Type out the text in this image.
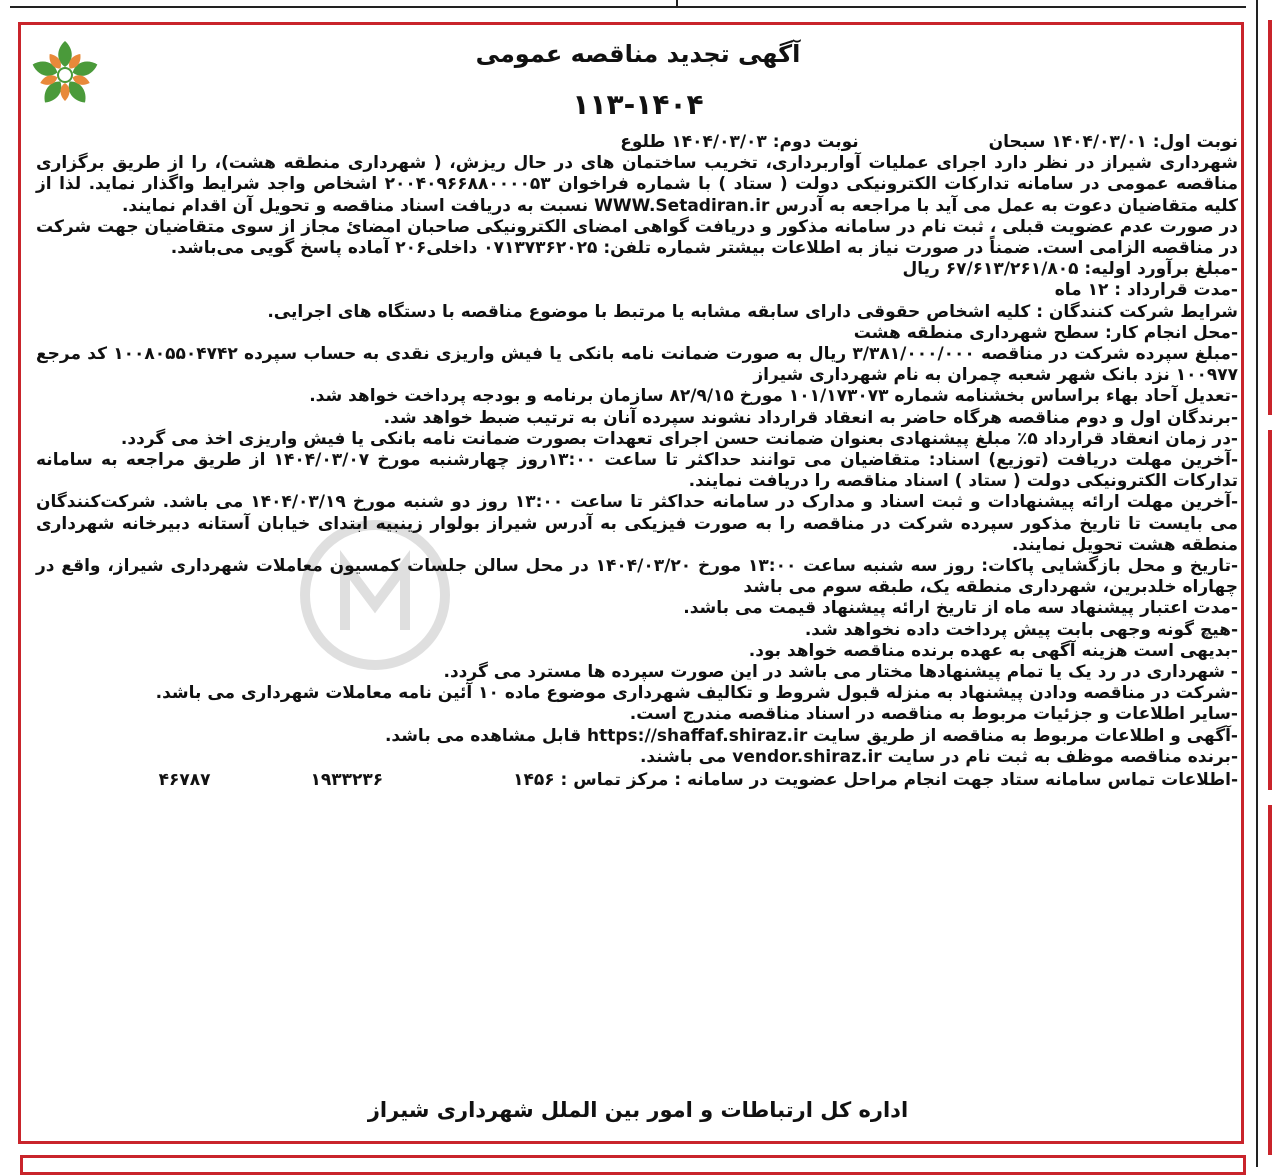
آگهی تجدید مناقصه عمومی
۱۱۳-۱۴۰۴
نوبت اول: ۱۴۰۴/۰۳/۰۱ سبحان
نوبت دوم: ۱۴۰۴/۰۳/۰۳ طلوع

شهرداری شیراز در نظر دارد اجرای عملیات آواربرداری، تخریب ساختمان های در حال ریزش، ( شهرداری منطقه هشت)، را از طریق برگزاری مناقصه عمومی در سامانه تدارکات الکترونیکی دولت ( ستاد ) با شماره فراخوان ۲۰۰۴۰۹۶۶۸۸۰۰۰۰۵۳ اشخاص واجد شرایط واگذار نماید. لذا از کلیه متقاضیان دعوت به عمل می آید با مراجعه به آدرس WWW.Setadiran.ir نسبت به دریافت اسناد مناقصه و تحویل آن اقدام نمایند.

در صورت عدم عضویت قبلی ، ثبت نام در سامانه مذکور و دریافت گواهی امضای الکترونیکی صاحبان امضائ مجاز از سوی متقاضیان جهت شرکت در مناقصه الزامی است. ضمناً در صورت نیاز به اطلاعات بیشتر شماره تلفن: ۰۷۱۳۷۳۶۲۰۲۵ داخلی۲۰۶ آماده پاسخ گویی می‌باشد.

-مبلغ برآورد اولیه: ۶۷/۶۱۳/۲۶۱/۸۰۵ ریال

-مدت قرارداد : ۱۲ ماه

شرایط شرکت کنندگان : کلیه اشخاص حقوقی دارای سابقه مشابه یا مرتبط با موضوع مناقصه با دستگاه های اجرایی.

-محل انجام کار: سطح شهرداری منطقه هشت

-مبلغ سپرده شرکت در مناقصه ۳/۳۸۱/۰۰۰/۰۰۰ ریال به صورت ضمانت نامه بانکی یا فیش واریزی نقدی به حساب سپرده ۱۰۰۸۰۵۵۰۴۷۴۲ کد مرجع ۱۰۰۹۷۷ نزد بانک شهر شعبه چمران به نام شهرداری شیراز

-تعدیل آحاد بهاء براساس بخشنامه شماره ۱۰۱/۱۷۳۰۷۳ مورخ ۸۲/۹/۱۵ سازمان برنامه و بودجه پرداخت خواهد شد.

-برندگان اول و دوم مناقصه هرگاه حاضر به انعقاد قرارداد نشوند سپرده آنان به ترتیب ضبط خواهد شد.

-در زمان انعقاد قرارداد ۵٪ مبلغ پیشنهادی بعنوان ضمانت حسن اجرای تعهدات بصورت ضمانت نامه بانکی یا فیش واریزی اخذ می گردد.

-آخرین مهلت دریافت (توزیع) اسناد: متقاضیان می توانند حداکثر تا ساعت ۱۳:۰۰روز چهارشنبه مورخ ۱۴۰۴/۰۳/۰۷ از طریق مراجعه به سامانه تدارکات الکترونیکی دولت ( ستاد ) اسناد مناقصه را دریافت نمایند.

-آخرین مهلت ارائه پیشنهادات و ثبت اسناد و مدارک در سامانه حداکثر تا ساعت ۱۳:۰۰ روز دو شنبه مورخ ۱۴۰۴/۰۳/۱۹ می باشد. شرکت‌کنندگان می بایست تا تاریخ مذکور سپرده شرکت در مناقصه را به صورت فیزیکی به آدرس شیراز بولوار زینبیه ابتدای خیابان آستانه دبیرخانه شهرداری منطقه هشت تحویل نمایند.

-تاریخ و محل بازگشایی پاکات: روز سه شنبه ساعت ۱۳:۰۰ مورخ ۱۴۰۴/۰۳/۲۰ در محل سالن جلسات کمسیون معاملات شهرداری شیراز، واقع در چهاراه خلدبرین، شهرداری منطقه یک، طبقه سوم می باشد

-مدت اعتبار پیشنهاد سه ماه از تاریخ ارائه پیشنهاد قیمت می باشد.

-هیچ گونه وجهی بابت پیش پرداخت داده نخواهد شد.

-بدیهی است هزینه آگهی به عهده برنده مناقصه خواهد بود.

- شهرداری در رد یک یا تمام پیشنهادها مختار می باشد در این صورت سپرده ها مسترد می گردد.

-شرکت در مناقصه ودادن پیشنهاد به منزله قبول شروط و تکالیف شهرداری موضوع ماده ۱۰ آئین نامه معاملات شهرداری می باشد.

-سایر اطلاعات و جزئیات مربوط به مناقصه در اسناد مناقصه مندرج است.

-آگهی و اطلاعات مربوط به مناقصه از طریق سایت https://shaffaf.shiraz.ir قابل مشاهده می باشد.

-برنده مناقصه موظف به ثبت نام در سایت vendor.shiraz.ir می باشند.

-اطلاعات تماس سامانه ستاد جهت انجام مراحل عضویت در سامانه : مرکز تماس : ۱۴۵۶
۱۹۳۳۲۳۶
۴۶۷۸۷
اداره کل ارتباطات و امور بین الملل شهرداری شیراز
